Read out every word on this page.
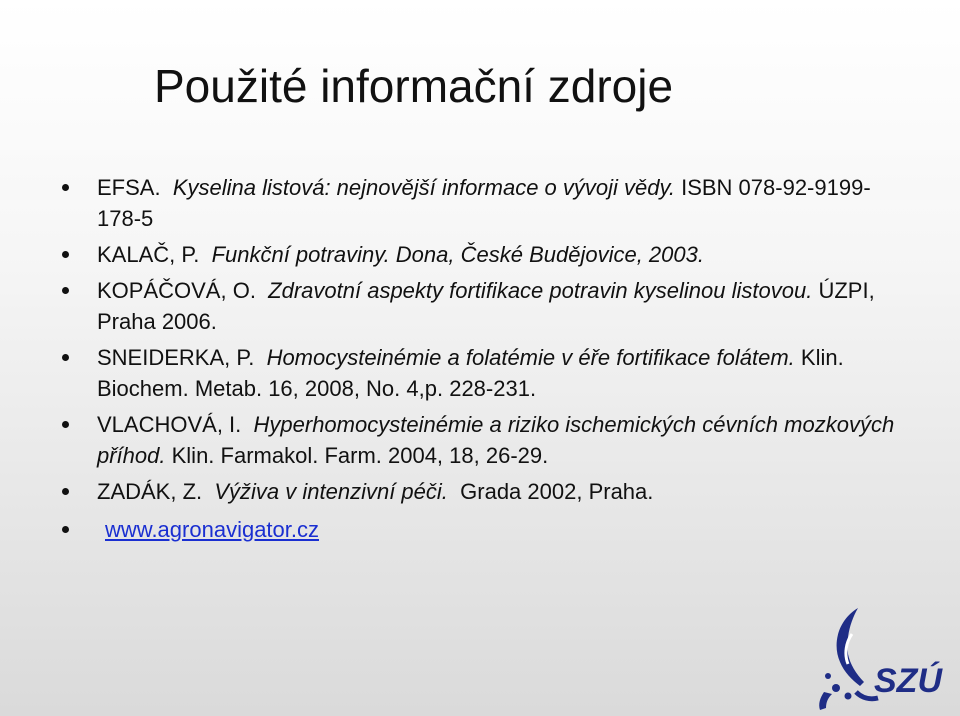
Použité informační zdroje
EFSA. Kyselina listová: nejnovější informace o vývoji vědy. ISBN 078-92-9199-178-5
KALAČ, P. Funkční potraviny. Dona, České Budějovice, 2003.
KOPÁČOVÁ, O. Zdravotní aspekty fortifikace potravin kyselinou listovou. ÚZPI, Praha 2006.
SNEIDERKA, P. Homocysteinémie a folatémie v éře fortifikace folátem. Klin. Biochem. Metab. 16, 2008, No. 4,p. 228-231.
VLACHOVÁ, I. Hyperhomocysteinémie a riziko ischemických cévních mozkových příhod. Klin. Farmakol. Farm. 2004, 18, 26-29.
ZADÁK, Z. Výživa v intenzivní péči. Grada 2002, Praha.
www.agronavigator.cz
SZÚ
